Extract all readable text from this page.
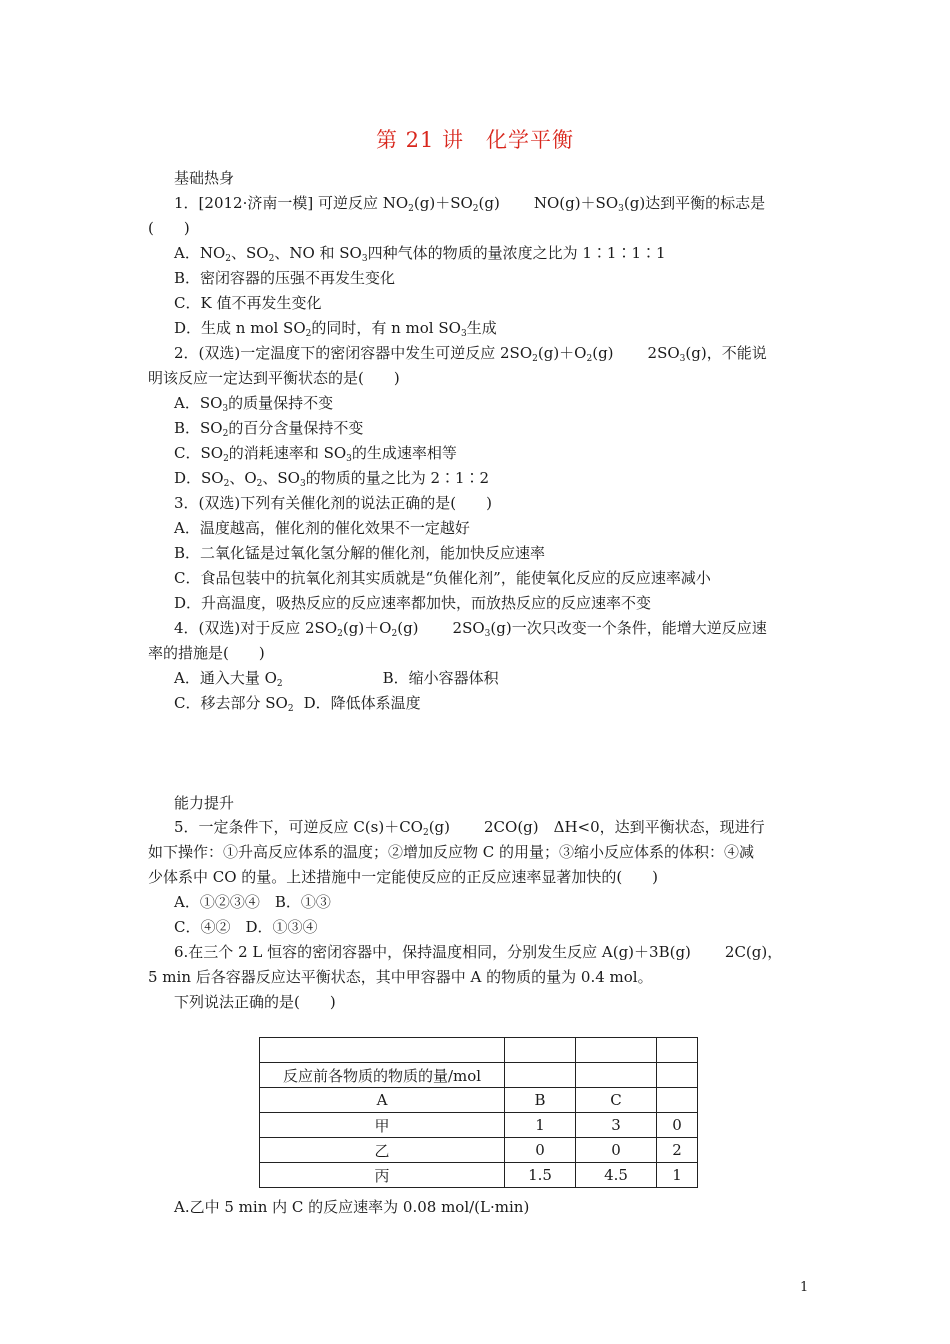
第 21 讲　化学平衡
基础热身
1．[2012·济南一模] 可逆反应 $NO_2(g)+SO_2(g)$ $NO(g)+SO_3(g)$达到平衡的标志是
(　　)
A．$NO_2$、$SO_2$、NO 和 $SO_3$四种气体的物质的量浓度之比为 1∶1∶1∶1
B．密闭容器的压强不再发生变化
C．K 值不再发生变化
D．生成 n mol $SO_2$的同时，有 n mol $SO_3$生成
2．(双选)一定温度下的密闭容器中发生可逆反应 $2SO_2(g)+O_2(g)$ $2SO_3(g)$，不能说
明该反应一定达到平衡状态的是(　　)
A．$SO_3$的质量保持不变
B．$SO_2$的百分含量保持不变
C．$SO_2$的消耗速率和 $SO_3$的生成速率相等
D．$SO_2$、$O_2$、$SO_3$的物质的量之比为 2∶1∶2
3．(双选)下列有关催化剂的说法正确的是(　　)
A．温度越高，催化剂的催化效果不一定越好
B．二氧化锰是过氧化氢分解的催化剂，能加快反应速率
C．食品包装中的抗氧化剂其实质就是“负催化剂”，能使氧化反应的反应速率减小
D．升高温度，吸热反应的反应速率都加快，而放热反应的反应速率不变
4．(双选)对于反应 $2SO_2(g)+O_2(g)$ $2SO_3(g)$一次只改变一个条件，能增大逆反应速
率的措施是(　　)
A．通入大量 $O_2$	B．缩小容器体积
C．移去部分 $SO_2$ D．降低体系温度
能力提升
5．一定条件下，可逆反应 $C(s)+CO_2(g)$ 2CO(g)　ΔH<0，达到平衡状态，现进行
如下操作：①升高反应体系的温度；②增加反应物 C 的用量；③缩小反应体系的体积：④减
少体系中 CO 的量。上述措施中一定能使反应的正反应速率显著加快的(　　)
A．①②③④　B．①③
C．④②　D．①③④
6.在三个 2 L 恒容的密闭容器中，保持温度相同，分别发生反应 A(g)＋3B(g) 2C(g)，
5 min 后各容器反应达平衡状态，其中甲容器中 A 的物质的量为 0.4 mol。
下列说法正确的是(　　)

反应前各物质的物质的量/mol			
A	B	C	
甲	1	3	0
乙	0	0	2
丙	1.5	4.5	1
A.乙中 5 min 内 C 的反应速率为 0.08 mol/(L·min)
1
